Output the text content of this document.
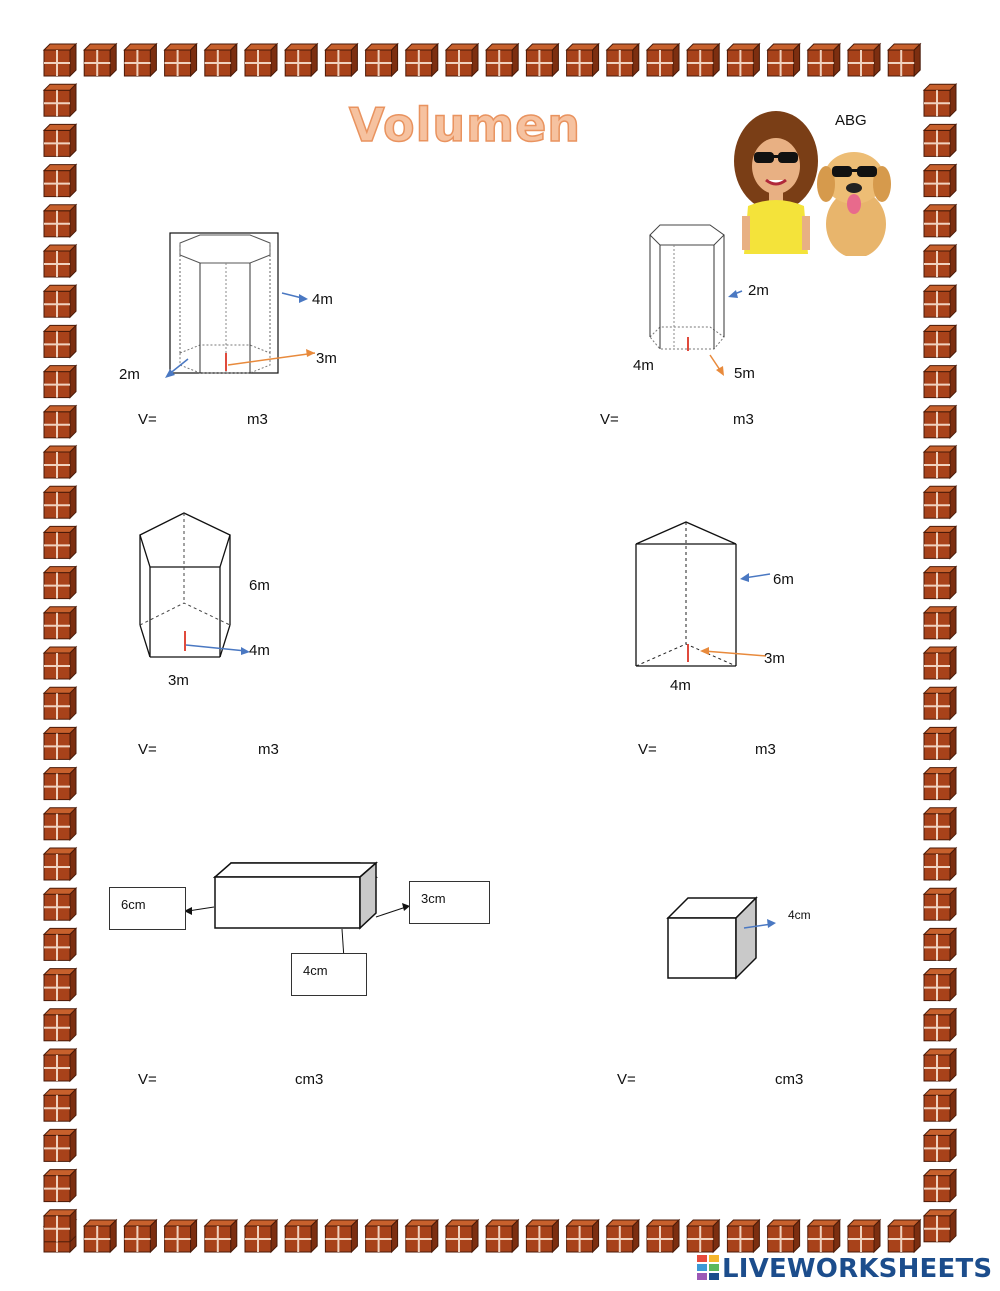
Volumen	ABG
4m
3m
2m
V=	m3
2m
4m	5m
V=	m3
6m
4m
3m
V=	m3
6m
3m
4m
V=	m3
6cm	3cm
4cm
V=	cm3
4cm
V=	cm3
LIVEWORKSHEETS
